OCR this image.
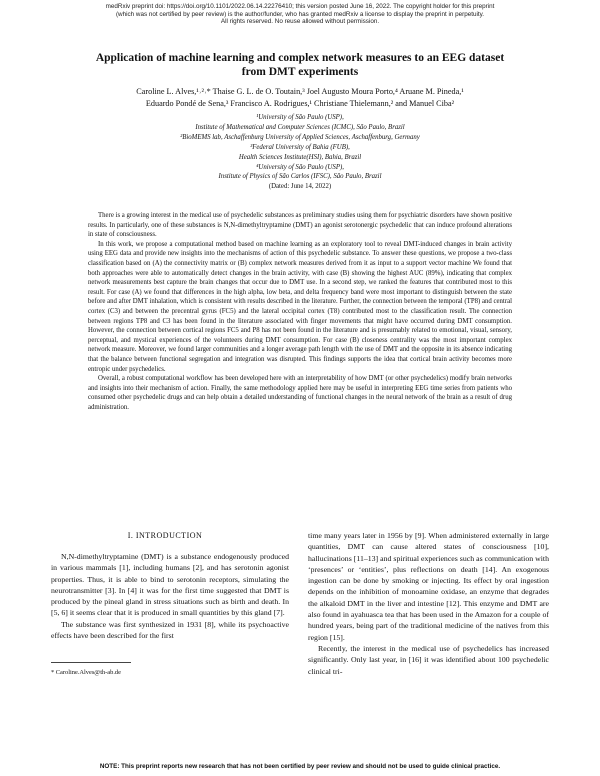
medRxiv preprint doi: https://doi.org/10.1101/2022.06.14.22276410; this version posted June 16, 2022. The copyright holder for this preprint
(which was not certified by peer review) is the author/funder, who has granted medRxiv a license to display the preprint in perpetuity.
All rights reserved. No reuse allowed without permission.
Application of machine learning and complex network measures to an EEG dataset
from DMT experiments
Caroline L. Alves,¹˒²˒* Thaise G. L. de O. Toutain,³ Joel Augusto Moura Porto,⁴ Aruane M. Pineda,¹
Eduardo Pondé de Sena,³ Francisco A. Rodrigues,¹ Christiane Thielemann,² and Manuel Ciba²
¹University of São Paulo (USP),
Institute of Mathematical and Computer Sciences (ICMC), São Paulo, Brazil
²BioMEMS lab, Aschaffenburg University of Applied Sciences, Aschaffenburg, Germany
³Federal University of Bahia (FUB),
Health Sciences Institute(HSI), Bahia, Brazil
⁴University of São Paulo (USP),
Institute of Physics of São Carlos (IFSC), São Paulo, Brazil
(Dated: June 14, 2022)

There is a growing interest in the medical use of psychedelic substances as preliminary studies using them for psychiatric disorders have shown positive results. In particularly, one of these substances is N,N-dimethyltryptamine (DMT) an agonist serotonergic psychedelic that can induce profound alterations in state of consciousness.

In this work, we propose a computational method based on machine learning as an exploratory tool to reveal DMT-induced changes in brain activity using EEG data and provide new insights into the mechanisms of action of this psychedelic substance. To answer these questions, we propose a two-class classification based on (A) the connectivity matrix or (B) complex network measures derived from it as input to a support vector machine We found that both approaches were able to automatically detect changes in the brain activity, with case (B) showing the highest AUC (89%), indicating that complex network measurements best capture the brain changes that occur due to DMT use. In a second step, we ranked the features that contributed most to this result. For case (A) we found that differences in the high alpha, low beta, and delta frequency band were most important to distinguish between the state before and after DMT inhalation, which is consistent with results described in the literature. Further, the connection between the temporal (TP8) and central cortex (C3) and between the precentral gyrus (FC5) and the lateral occipital cortex (T8) contributed most to the classification result. The connection between regions TP8 and C3 has been found in the literature associated with finger movements that might have occurred during DMT consumption. However, the connection between cortical regions FC5 and P8 has not been found in the literature and is presumably related to emotional, visual, sensory, perceptual, and mystical experiences of the volunteers during DMT consumption. For case (B) closeness centrality was the most important complex network measure. Moreover, we found larger communities and a longer average path length with the use of DMT and the opposite in its absence indicating that the balance between functional segregation and integration was disrupted. This findings supports the idea that cortical brain activity becomes more entropic under psychedelics.

Overall, a robust computational workflow has been developed here with an interpretability of how DMT (or other psychedelics) modify brain networks and insights into their mechanism of action. Finally, the same methodology applied here may be useful in interpreting EEG time series from patients who consumed other psychedelic drugs and can help obtain a detailed understanding of functional changes in the neural network of the brain as a result of drug administration.

I. INTRODUCTION

N,N-dimethyltryptamine (DMT) is a substance endogenously produced in various mammals [1], including humans [2], and has serotonin agonist properties. Thus, it is able to bind to serotonin receptors, simulating the neurotransmitter [3]. In [4] it was for the first time suggested that DMT is produced by the pineal gland in stress situations such as birth and death. In [5, 6] it seems clear that it is produced in small quantities by this gland [7].

The substance was first synthesized in 1931 [8], while its psychoactive effects have been described for the first

time many years later in 1956 by [9]. When administered externally in large quantities, DMT can cause altered states of consciousness [10], hallucinations [11–13] and spiritual experiences such as communication with ‘presences’ or ‘entities’, plus reflections on death [14]. An exogenous ingestion can be done by smoking or injecting. Its effect by oral ingestion depends on the inhibition of monoamine oxidase, an enzyme that degrades the alkaloid DMT in the liver and intestine [12]. This enzyme and DMT are also found in ayahuasca tea that has been used in the Amazon for a couple of hundred years, being part of the traditional medicine of the natives from this region [15].

Recently, the interest in the medical use of psychedelics has increased significantly. Only last year, in [16] it was identified about 100 psychedelic clinical tri-

* Caroline.Alves@th-ab.de
NOTE: This preprint reports new research that has not been certified by peer review and should not be used to guide clinical practice.
